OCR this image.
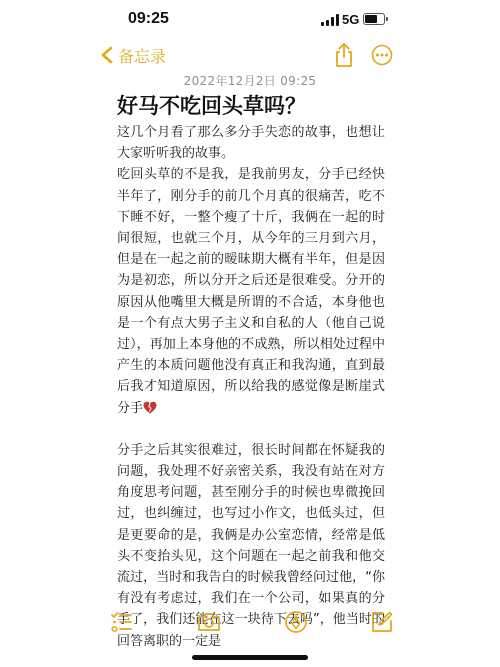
09:25	5G
备忘录
2022年12月2日 09:25
好马不吃回头草吗？

这几个月看了那么多分手失恋的故事，也想让大家听听我的故事。

吃回头草的不是我，是我前男友，分手已经快半年了，刚分手的前几个月真的很痛苦，吃不下睡不好，一整个瘦了十斤，我俩在一起的时间很短，也就三个月，从今年的三月到六月，但是在一起之前的暧昧期大概有半年，但是因为是初恋，所以分开之后还是很难受。分开的原因从他嘴里大概是所谓的不合适，本身他也是一个有点大男子主义和自私的人（他自己说过），再加上本身他的不成熟，所以相处过程中产生的本质问题他没有真正和我沟通，直到最后我才知道原因，所以给我的感觉像是断崖式分手

分手之后其实很难过，很长时间都在怀疑我的问题，我处理不好亲密关系，我没有站在对方角度思考问题，甚至刚分手的时候也卑微挽回过，也纠缠过，也写过小作文，也低头过，但是更要命的是，我俩是办公室恋情，经常是低头不变抬头见，这个问题在一起之前我和他交流过，当时和我告白的时候我曾经问过他，“你有没有考虑过，我们在一个公司，如果真的分手了，我们还能在这一块待下去吗”，他当时的回答离职的一定是
